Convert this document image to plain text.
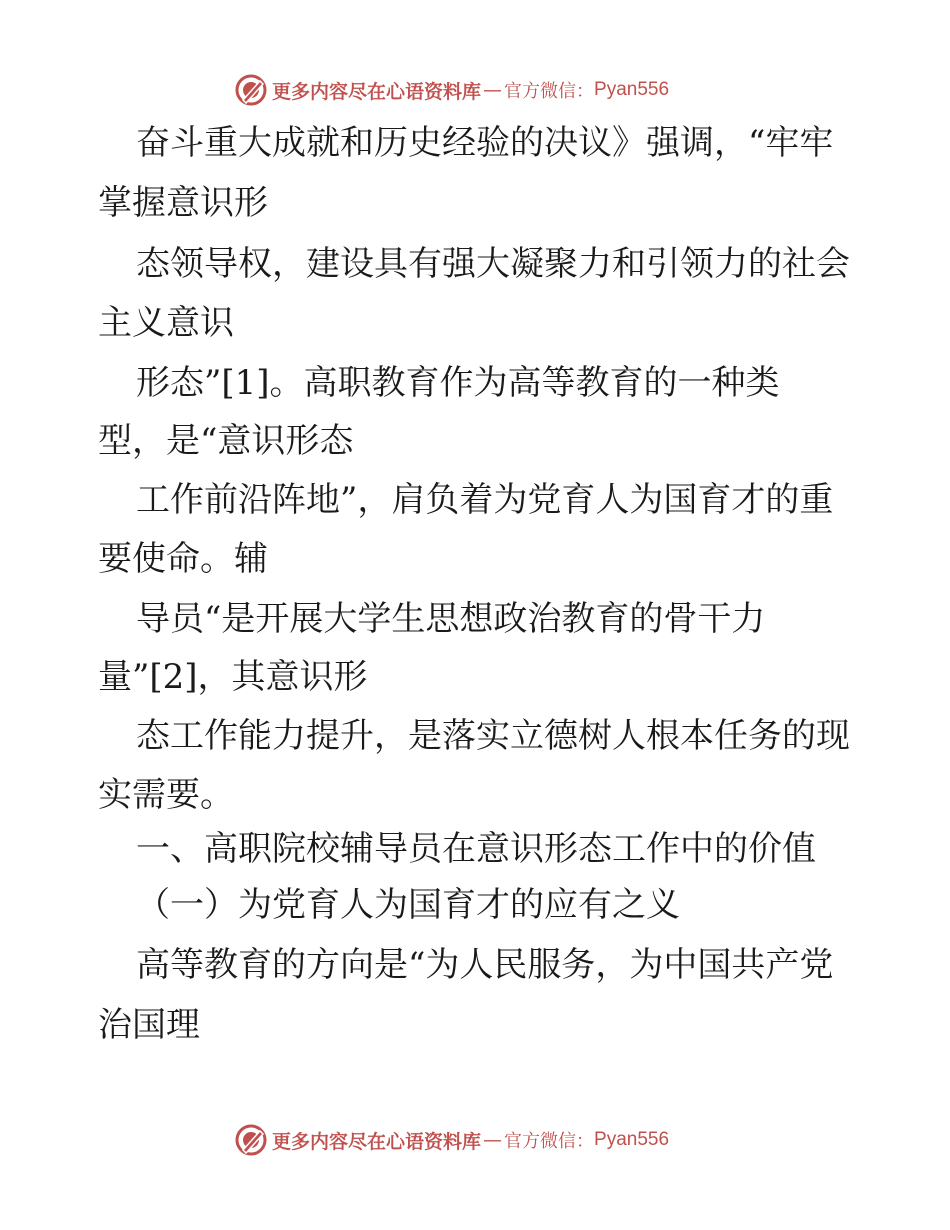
更多内容尽在心语资料库 — 官方微信： Pyan556
奋斗重大成就和历史经验的决议》强调，“牢牢
掌握意识形
态领导权，建设具有强大凝聚力和引领力的社会
主义意识
形态”[1]。高职教育作为高等教育的一种类
型，是“意识形态
工作前沿阵地”，肩负着为党育人为国育才的重
要使命。辅
导员“是开展大学生思想政治教育的骨干力
量”[2]，其意识形
态工作能力提升，是落实立德树人根本任务的现
实需要。
一、高职院校辅导员在意识形态工作中的价值
（一）为党育人为国育才的应有之义
高等教育的方向是“为人民服务，为中国共产党
治国理
更多内容尽在心语资料库 — 官方微信： Pyan556
